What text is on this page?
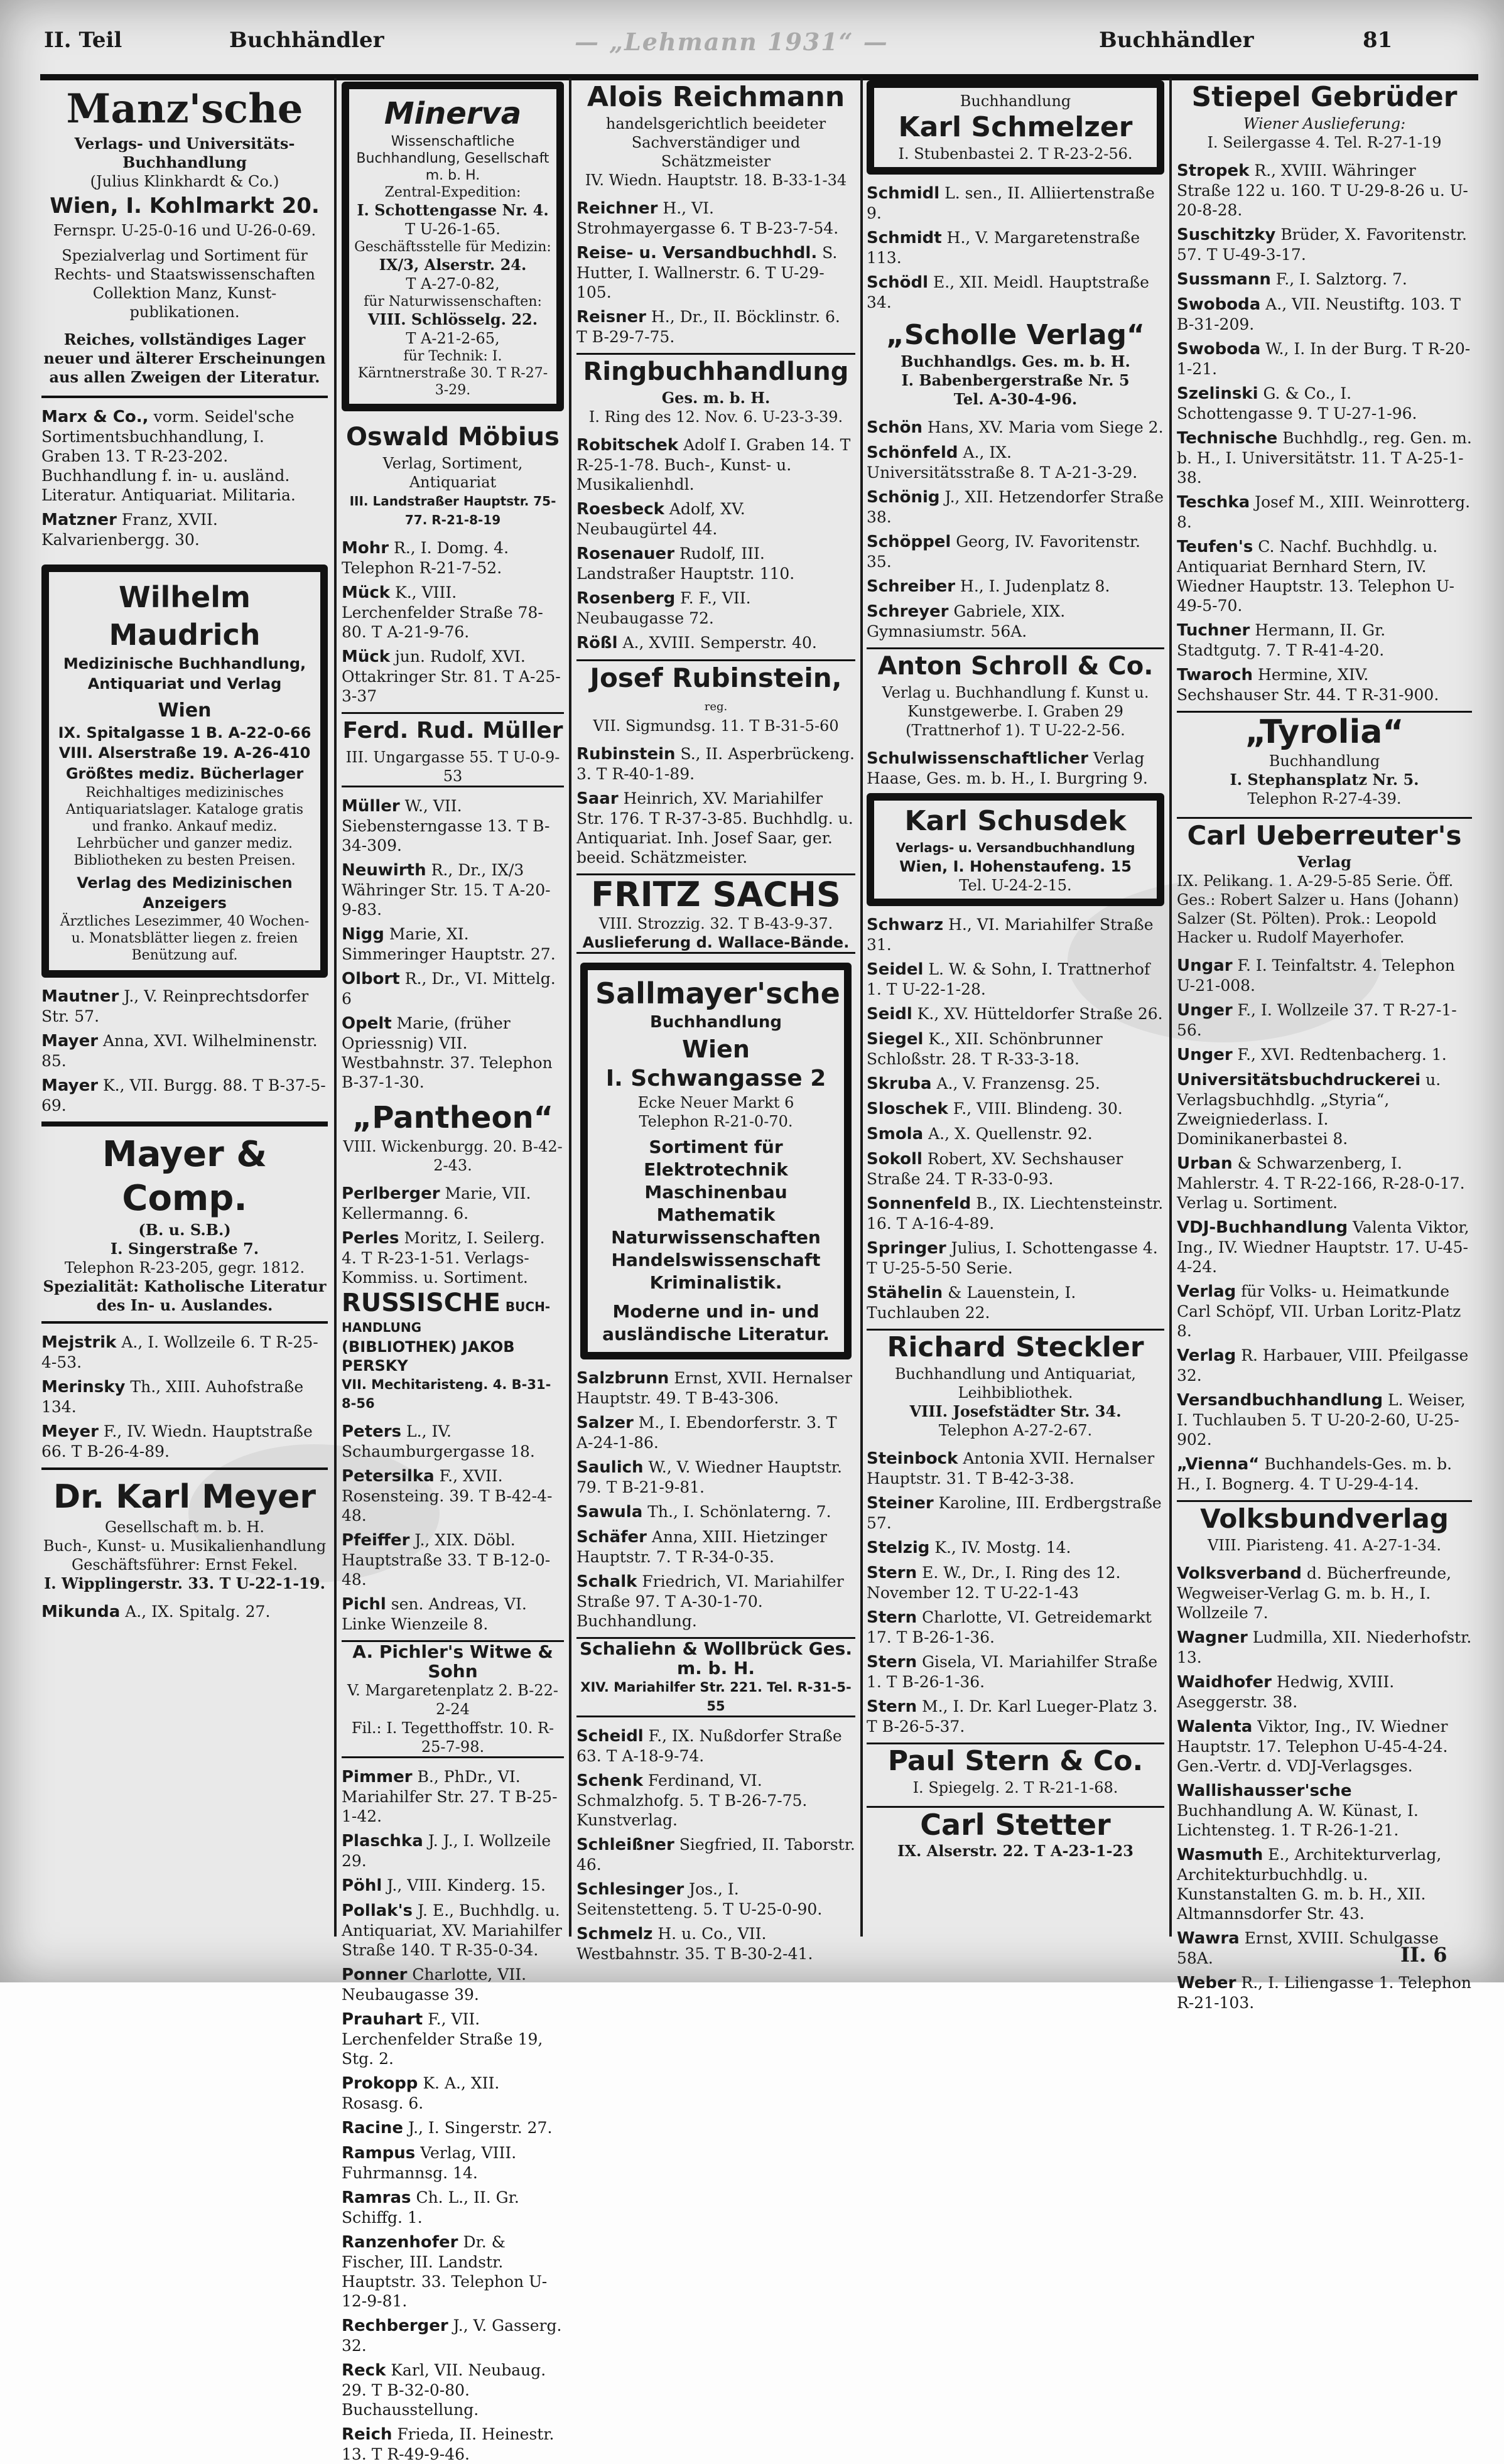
II. Teil	Buchhändler	— „Lehmann 1931“ —	Buchhändler	81
Manz'sche
Verlags- und Universitäts-Buchhandlung
(Julius Klinkhardt & Co.)
Wien, I. Kohlmarkt 20.
Fernspr. U-25-0-16 und U-26-0-69.
Spezialverlag und Sortiment für Rechts- und Staatswissenschaften Collektion Manz, Kunst-publikationen.
Reiches, vollständiges Lager neuer und älterer Erscheinungen aus allen Zweigen der Literatur.
Marx & Co., vorm. Seidel'sche Sortimentsbuchhandlung, I. Graben 13. T R-23-202. Buchhandlung f. in- u. ausländ. Literatur. Antiquariat. Militaria.
Matzner Franz, XVII. Kalvarienbergg. 30.
Wilhelm Maudrich
Medizinische Buchhandlung, Antiquariat und Verlag
Wien
IX. Spitalgasse 1 B. A-22-0-66
VIII. Alserstraße 19. A-26-410
Größtes mediz. Bücherlager
Reichhaltiges medizinisches Antiquariatslager. Kataloge gratis und franko. Ankauf mediz. Lehrbücher und ganzer mediz. Bibliotheken zu besten Preisen.
Verlag des Medizinischen Anzeigers
Ärztliches Lesezimmer, 40 Wochen- u. Monatsblätter liegen z. freien Benützung auf.
Mautner J., V. Reinprechtsdorfer Str. 57.
Mayer Anna, XVI. Wilhelminenstr. 85.
Mayer K., VII. Burgg. 88. T B-37-5-69.
Mayer & Comp.
(B. u. S.B.)
I. Singerstraße 7.
Telephon R-23-205, gegr. 1812.
Spezialität: Katholische Literatur des In- u. Auslandes.
Mejstrik A., I. Wollzeile 6. T R-25-4-53.
Merinsky Th., XIII. Auhofstraße 134.
Meyer F., IV. Wiedn. Hauptstraße 66. T B-26-4-89.
Dr. Karl Meyer
Gesellschaft m. b. H.
Buch-, Kunst- u. Musikalienhandlung
Geschäftsführer: Ernst Fekel.
I. Wipplingerstr. 33. T U-22-1-19.
Mikunda A., IX. Spitalg. 27.
Minerva
Wissenschaftliche Buchhandlung, Gesellschaft m. b. H.
Zentral-Expedition:
I. Schottengasse Nr. 4.
T U-26-1-65.
Geschäftsstelle für Medizin:
IX/3, Alserstr. 24.
T A-27-0-82,
für Naturwissenschaften:
VIII. Schlösselg. 22.
T A-21-2-65,
für Technik: I. Kärntnerstraße 30. T R-27-3-29.
Oswald Möbius
Verlag, Sortiment, Antiquariat
III. Landstraßer Hauptstr. 75-77. R-21-8-19
Mohr R., I. Domg. 4. Telephon R-21-7-52.
Mück K., VIII. Lerchenfelder Straße 78-80. T A-21-9-76.
Mück jun. Rudolf, XVI. Ottakringer Str. 81. T A-25-3-37
Ferd. Rud. Müller
III. Ungargasse 55. T U-0-9-53
Müller W., VII. Siebensterngasse 13. T B-34-309.
Neuwirth R., Dr., IX/3 Währinger Str. 15. T A-20-9-83.
Nigg Marie, XI. Simmeringer Hauptstr. 27.
Olbort R., Dr., VI. Mittelg. 6
Opelt Marie, (früher Opriessnig) VII. Westbahnstr. 37. Telephon B-37-1-30.
„Pantheon“
VIII. Wickenburgg. 20. B-42-2-43.
Perlberger Marie, VII. Kellermanng. 6.
Perles Moritz, I. Seilerg. 4. T R-23-1-51. Verlags-Kommiss. u. Sortiment.
RUSSISCHE BUCH-HANDLUNG
(BIBLIOTHEK) JAKOB PERSKY
VII. Mechitaristeng. 4. B-31-8-56
Peters L., IV. Schaumburgergasse 18.
Petersilka F., XVII. Rosensteing. 39. T B-42-4-48.
Pfeiffer J., XIX. Döbl. Hauptstraße 33. T B-12-0-48.
Pichl sen. Andreas, VI. Linke Wienzeile 8.
A. Pichler's Witwe & Sohn
V. Margaretenplatz 2. B-22-2-24
Fil.: I. Tegetthoffstr. 10. R-25-7-98.
Pimmer B., PhDr., VI. Mariahilfer Str. 27. T B-25-1-42.
Plaschka J. J., I. Wollzeile 29.
Pöhl J., VIII. Kinderg. 15.
Pollak's J. E., Buchhdlg. u. Antiquariat, XV. Mariahilfer Straße 140. T R-35-0-34.
Ponner Charlotte, VII. Neubaugasse 39.
Prauhart F., VII. Lerchenfelder Straße 19, Stg. 2.
Prokopp K. A., XII. Rosasg. 6.
Racine J., I. Singerstr. 27.
Rampus Verlag, VIII. Fuhrmannsg. 14.
Ramras Ch. L., II. Gr. Schiffg. 1.
Ranzenhofer Dr. & Fischer, III. Landstr. Hauptstr. 33. Telephon U-12-9-81.
Rechberger J., V. Gasserg. 32.
Reck Karl, VII. Neubaug. 29. T B-32-0-80. Buchausstellung.
Reich Frieda, II. Heinestr. 13. T R-49-9-46.
Alois Reichmann
handelsgerichtlich beeideter Sachverständiger und Schätzmeister
IV. Wiedn. Hauptstr. 18. B-33-1-34
Reichner H., VI. Strohmayergasse 6. T B-23-7-54.
Reise- u. Versandbuchhdl. S. Hutter, I. Wallnerstr. 6. T U-29-105.
Reisner H., Dr., II. Böcklinstr. 6. T B-29-7-75.
Ringbuchhandlung
Ges. m. b. H.
I. Ring des 12. Nov. 6. U-23-3-39.
Robitschek Adolf I. Graben 14. T R-25-1-78. Buch-, Kunst- u. Musikalienhdl.
Roesbeck Adolf, XV. Neubaugürtel 44.
Rosenauer Rudolf, III. Landstraßer Hauptstr. 110.
Rosenberg F. F., VII. Neubaugasse 72.
Rößl A., XVIII. Semperstr. 40.
Josef Rubinstein, reg.
VII. Sigmundsg. 11. T B-31-5-60
Rubinstein S., II. Asperbrückeng. 3. T R-40-1-89.
Saar Heinrich, XV. Mariahilfer Str. 176. T R-37-3-85. Buchhdlg. u. Antiquariat. Inh. Josef Saar, ger. beeid. Schätzmeister.
FRITZ SACHS
VIII. Strozzig. 32. T B-43-9-37.
Auslieferung d. Wallace-Bände.
Sallmayer'sche
Buchhandlung
Wien
I. Schwangasse 2
Ecke Neuer Markt 6
Telephon R-21-0-70.
Sortiment für
Elektrotechnik
Maschinenbau
Mathematik
Naturwissenschaften
Handelswissenschaft
Kriminalistik.
Moderne und in- und ausländische Literatur.
Salzbrunn Ernst, XVII. Hernalser Hauptstr. 49. T B-43-306.
Salzer M., I. Ebendorferstr. 3. T A-24-1-86.
Saulich W., V. Wiedner Hauptstr. 79. T B-21-9-81.
Sawula Th., I. Schönlaterng. 7.
Schäfer Anna, XIII. Hietzinger Hauptstr. 7. T R-34-0-35.
Schalk Friedrich, VI. Mariahilfer Straße 97. T A-30-1-70. Buchhandlung.
Schaliehn & Wollbrück Ges. m. b. H.
XIV. Mariahilfer Str. 221. Tel. R-31-5-55
Scheidl F., IX. Nußdorfer Straße 63. T A-18-9-74.
Schenk Ferdinand, VI. Schmalzhofg. 5. T B-26-7-75. Kunstverlag.
Schleißner Siegfried, II. Taborstr. 46.
Schlesinger Jos., I. Seitenstetteng. 5. T U-25-0-90.
Schmelz H. u. Co., VII. Westbahnstr. 35. T B-30-2-41.
Buchhandlung
Karl Schmelzer
I. Stubenbastei 2. T R-23-2-56.
Schmidl L. sen., II. Alliiertenstraße 9.
Schmidt H., V. Margaretenstraße 113.
Schödl E., XII. Meidl. Hauptstraße 34.
„Scholle Verlag“
Buchhandlgs. Ges. m. b. H.
I. Babenbergerstraße Nr. 5
Tel. A-30-4-96.
Schön Hans, XV. Maria vom Siege 2.
Schönfeld A., IX. Universitätsstraße 8. T A-21-3-29.
Schönig J., XII. Hetzendorfer Straße 38.
Schöppel Georg, IV. Favoritenstr. 35.
Schreiber H., I. Judenplatz 8.
Schreyer Gabriele, XIX. Gymnasiumstr. 56A.
Anton Schroll & Co.
Verlag u. Buchhandlung f. Kunst u. Kunstgewerbe. I. Graben 29 (Trattnerhof 1). T U-22-2-56.
Schulwissenschaftlicher Verlag Haase, Ges. m. b. H., I. Burgring 9.
Karl Schusdek
Verlags- u. Versandbuchhandlung
Wien, I. Hohenstaufeng. 15
Tel. U-24-2-15.
Schwarz H., VI. Mariahilfer Straße 31.
Seidel L. W. & Sohn, I. Trattnerhof 1. T U-22-1-28.
Seidl K., XV. Hütteldorfer Straße 26.
Siegel K., XII. Schönbrunner Schloßstr. 28. T R-33-3-18.
Skruba A., V. Franzensg. 25.
Sloschek F., VIII. Blindeng. 30.
Smola A., X. Quellenstr. 92.
Sokoll Robert, XV. Sechshauser Straße 24. T R-33-0-93.
Sonnenfeld B., IX. Liechtensteinstr. 16. T A-16-4-89.
Springer Julius, I. Schottengasse 4. T U-25-5-50 Serie.
Stähelin & Lauenstein, I. Tuchlauben 22.
Richard Steckler
Buchhandlung und Antiquariat, Leihbibliothek.
VIII. Josefstädter Str. 34.
Telephon A-27-2-67.
Steinbock Antonia XVII. Hernalser Hauptstr. 31. T B-42-3-38.
Steiner Karoline, III. Erdbergstraße 57.
Stelzig K., IV. Mostg. 14.
Stern E. W., Dr., I. Ring des 12. November 12. T U-22-1-43
Stern Charlotte, VI. Getreidemarkt 17. T B-26-1-36.
Stern Gisela, VI. Mariahilfer Straße 1. T B-26-1-36.
Stern M., I. Dr. Karl Lueger-Platz 3. T B-26-5-37.
Paul Stern & Co.
I. Spiegelg. 2. T R-21-1-68.
Carl Stetter
IX. Alserstr. 22. T A-23-1-23
Stiepel Gebrüder
Wiener Auslieferung:
I. Seilergasse 4. Tel. R-27-1-19
Stropek R., XVIII. Währinger Straße 122 u. 160. T U-29-8-26 u. U-20-8-28.
Suschitzky Brüder, X. Favoritenstr. 57. T U-49-3-17.
Sussmann F., I. Salztorg. 7.
Swoboda A., VII. Neustiftg. 103. T B-31-209.
Swoboda W., I. In der Burg. T R-20-1-21.
Szelinski G. & Co., I. Schottengasse 9. T U-27-1-96.
Technische Buchhdlg., reg. Gen. m. b. H., I. Universitätstr. 11. T A-25-1-38.
Teschka Josef M., XIII. Weinrotterg. 8.
Teufen's C. Nachf. Buchhdlg. u. Antiquariat Bernhard Stern, IV. Wiedner Hauptstr. 13. Telephon U-49-5-70.
Tuchner Hermann, II. Gr. Stadtgutg. 7. T R-41-4-20.
Twaroch Hermine, XIV. Sechshauser Str. 44. T R-31-900.
„Tyrolia“
Buchhandlung
I. Stephansplatz Nr. 5.
Telephon R-27-4-39.
Carl Ueberreuter's
Verlag
IX. Pelikang. 1. A-29-5-85 Serie. Öff. Ges.: Robert Salzer u. Hans (Johann) Salzer (St. Pölten). Prok.: Leopold Hacker u. Rudolf Mayerhofer.
Ungar F. I. Teinfaltstr. 4. Telephon U-21-008.
Unger F., I. Wollzeile 37. T R-27-1-56.
Unger F., XVI. Redtenbacherg. 1.
Universitätsbuchdruckerei u. Verlagsbuchhdlg. „Styria“, Zweigniederlass. I. Dominikanerbastei 8.
Urban & Schwarzenberg, I. Mahlerstr. 4. T R-22-166, R-28-0-17. Verlag u. Sortiment.
VDJ-Buchhandlung Valenta Viktor, Ing., IV. Wiedner Hauptstr. 17. U-45-4-24.
Verlag für Volks- u. Heimatkunde Carl Schöpf, VII. Urban Loritz-Platz 8.
Verlag R. Harbauer, VIII. Pfeilgasse 32.
Versandbuchhandlung L. Weiser, I. Tuchlauben 5. T U-20-2-60, U-25-902.
„Vienna“ Buchhandels-Ges. m. b. H., I. Bognerg. 4. T U-29-4-14.
Volksbundverlag
VIII. Piaristeng. 41. A-27-1-34.
Volksverband d. Bücherfreunde, Wegweiser-Verlag G. m. b. H., I. Wollzeile 7.
Wagner Ludmilla, XII. Niederhofstr. 13.
Waidhofer Hedwig, XVIII. Aseggerstr. 38.
Walenta Viktor, Ing., IV. Wiedner Hauptstr. 17. Telephon U-45-4-24. Gen.-Vertr. d. VDJ-Verlagsges.
Wallishausser'sche Buchhandlung A. W. Künast, I. Lichtensteg. 1. T R-26-1-21.
Wasmuth E., Architekturverlag, Architekturbuchhdlg. u. Kunstanstalten G. m. b. H., XII. Altmannsdorfer Str. 43.
Wawra Ernst, XVIII. Schulgasse 58A.
Weber R., I. Liliengasse 1. Telephon R-21-103.
II. 6
